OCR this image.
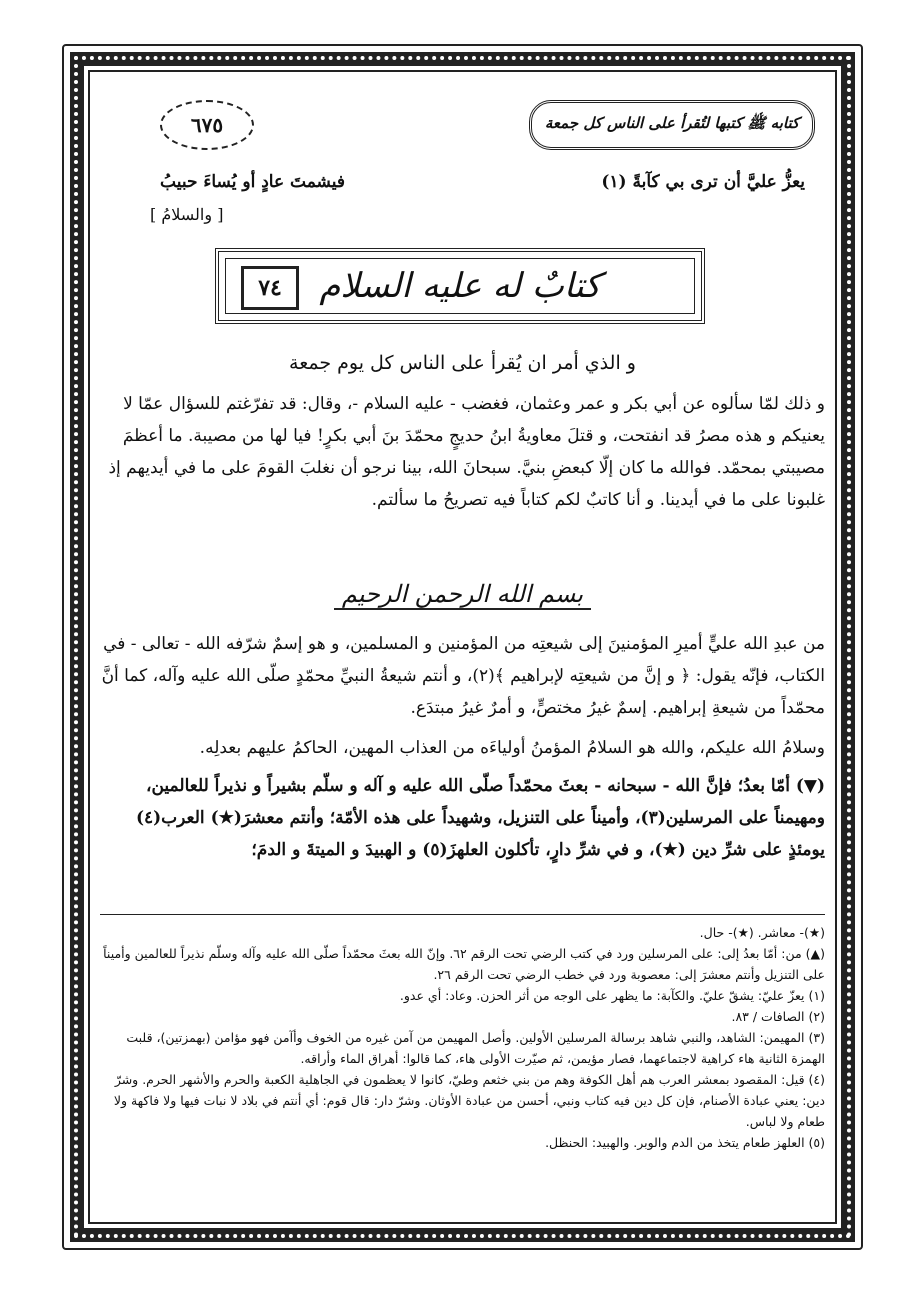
كتابه ﷺ كتبها لتُقرأ على الناس كل جمعة
٦٧٥
يعزُّ عليَّ أن ترى بي كآبةً (١)
فيشمتَ عادٍ أو يُساءَ حبيبُ
[ والسلامُ ]
كتابٌ له عليه السلام
٧٤
و الذي أمر ان يُقرأ على الناس كل يوم جمعة
و ذلك لمّا سألوه عن أبي بكر و عمر وعثمان، فغضب - عليه السلام -، وقال: قد تفرّغتم للسؤال عمّا لا يعنيكم و هذه مصرُ قد انفتحت، و قتلَ معاويةُ ابنُ حديجٍ محمّدَ بنَ أبي بكرٍ! فيا لها من مصيبة. ما أعظمَ مصيبتي بمحمّد. فوالله ما كان إلّا كبعضِ بنيَّ. سبحانَ الله، بينا نرجو أن نغلبَ القومَ على ما في أيديهم إذ غلبونا على ما في أيدينا. و أنا كاتبٌ لكم كتاباً فيه تصريحُ ما سألتم.
بسم الله الرحمن الرحيم
من عبدِ الله عليٍّ أميرِ المؤمنينَ إلى شيعتِه من المؤمنين و المسلمين، و هو إسمٌ شرّفه الله - تعالى - في الكتاب، فإنّه يقول: ﴿ و إنَّ من شيعتِه لإبراهيم ﴾(٢)، و أنتم شيعةُ النبيِّ محمّدٍ صلّى الله عليه وآله، كما أنَّ محمّداً من شيعةِ إبراهيم. إسمٌ غيرُ مختصٍّ، و أمرٌ غيرُ مبتدَع.
وسلامُ الله عليكم، والله هو السلامُ المؤمنُ أولياءَه من العذاب المهين، الحاكمُ عليهم بعدلِه.
(▼) أمّا بعدُ؛ فإنَّ الله - سبحانه - بعثَ محمّداً صلّى الله عليه و آله و سلّم بشيراً و نذيراً للعالمين، ومهيمناً على المرسلين(٣)، وأميناً على التنزيل، وشهيداً على هذه الأمّة؛ وأنتم معشرَ(★) العرب(٤) يومئذٍ على شرِّ دين (★)، و في شرِّ دارٍ، تأكلون العلهزَ(٥) و الهبيدَ و الميتةَ و الدمَ؛

(★)- معاشر. (★)- حال.

(▲) من: أمّا بعدُ إلى: على المرسلين ورد في كتب الرضي تحت الرقم ٦٢. وإنّ الله بعثَ محمّداً صلّى الله عليه وآله وسلّم نذيراً للعالمين وأميناً على التنزيل وأنتم معشرَ إلى: معصوبة ورد في خطب الرضي تحت الرقم ٢٦.

(١) يعزّ عليّ: يشقّ عليّ. والكآبة: ما يظهر على الوجه من أثر الحزن. وعاد: أي عدو.

(٢) الصافات / ٨٣.

(٣) المهيمن: الشاهد، والنبي شاهد برسالة المرسلين الأولين. وأصل المهيمن من آمن غيره من الخوف وأآمن فهو مؤامن (بهمزتين)، قلبت الهمزة الثانية هاء كراهية لاجتماعهما، فصار مؤيمن، ثم صيّرت الأولى هاء، كما قالوا: أهراق الماء وأراقه.

(٤) قيل: المقصود بمعشر العرب هم أهل الكوفة وهم من بني خثعم وطيّ، كانوا لا يعظمون في الجاهلية الكعبة والحرم والأشهر الحرم. وشرّ دين: يعني عبادة الأصنام، فإن كل دين فيه كتاب ونبي، أحسن من عبادة الأوثان. وشرّ دار: قال قوم: أي أنتم في بلاد لا نبات فيها ولا فاكهة ولا طعام ولا لباس.

(٥) العلهز طعام يتخذ من الدم والوبر. والهبيد: الحنظل.
